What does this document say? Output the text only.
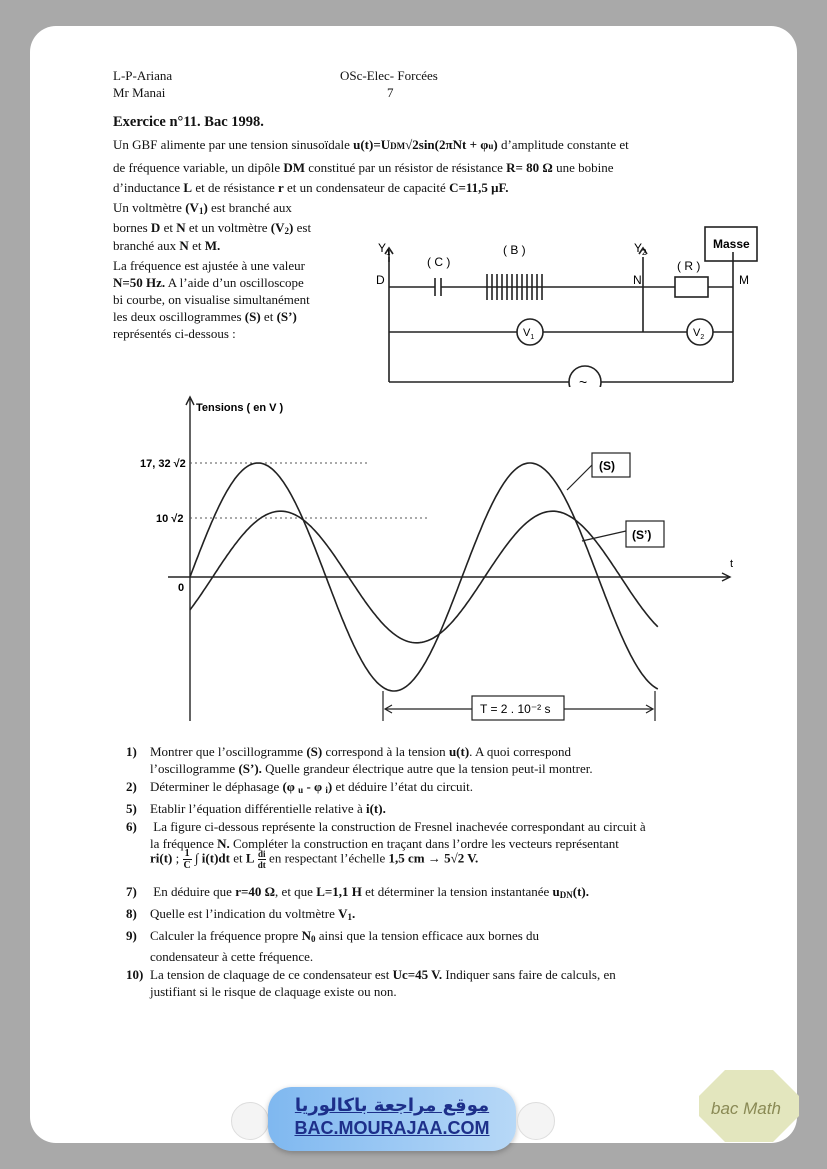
L-P-Ariana
Mr Manai
OSc-Elec- Forcées
7
Exercice n°11. Bac 1998.
Un GBF alimente par une tension sinusoïdale u(t)=UDM√2sin(2πNt + φu) d’amplitude constante et
de fréquence variable, un dipôle DM constitué par un résistor de résistance R= 80 Ω une bobine
d’inductance L et de résistance r et un condensateur de capacité C=11,5 μF.
Un voltmètre (V1) est branché aux
bornes D et N et un voltmètre (V2) est
branché aux N et M.
La fréquence est ajustée à une valeur
N=50 Hz. A l’aide d’un oscilloscope
bi courbe, on visualise simultanément
les deux oscillogrammes (S) et (S’)
représentés ci-dessous :
$Y_1$	$Y_2$
D	N	M
( C )
( B )
( R )
Masse
$V_1$	$V_2$
~
Tensions ( en V )
t
17, 32 √2
10 √2
0
(S)
(S’)
T = 2 . 10⁻² s
1) Montrer que l’oscillogramme (S) correspond à la tension u(t). A quoi correspond
l’oscillogramme (S’). Quelle grandeur électrique autre que la tension peut-il montrer.
2) Déterminer le déphasage (φ u - φ i) et déduire l’état du circuit.
5) Etablir l’équation différentielle relative à i(t).
6) La figure ci-dessous représente la construction de Fresnel inachevée correspondant au circuit à
la fréquence N. Compléter la construction en traçant dans l’ordre les vecteurs représentant
7) En déduire que r=40 Ω, et que L=1,1 H et déterminer la tension instantanée uDN(t).
8) Quelle est l’indication du voltmètre V1.
9) Calculer la fréquence propre N0 ainsi que la tension efficace aux bornes du
condensateur à cette fréquence.
10) La tension de claquage de ce condensateur est Uc=45 V. Indiquer sans faire de calculs, en
justifiant si le risque de claquage existe ou non.
ri(t) ; $\frac{1}{C}$ ∫ i(t)dt et L $\frac{di}{dt}$ en respectant l’échelle 1,5 cm → 5√2 V.
موقع مراجعة باكالوريا
BAC.MOURAJAA.COM
bac Math
